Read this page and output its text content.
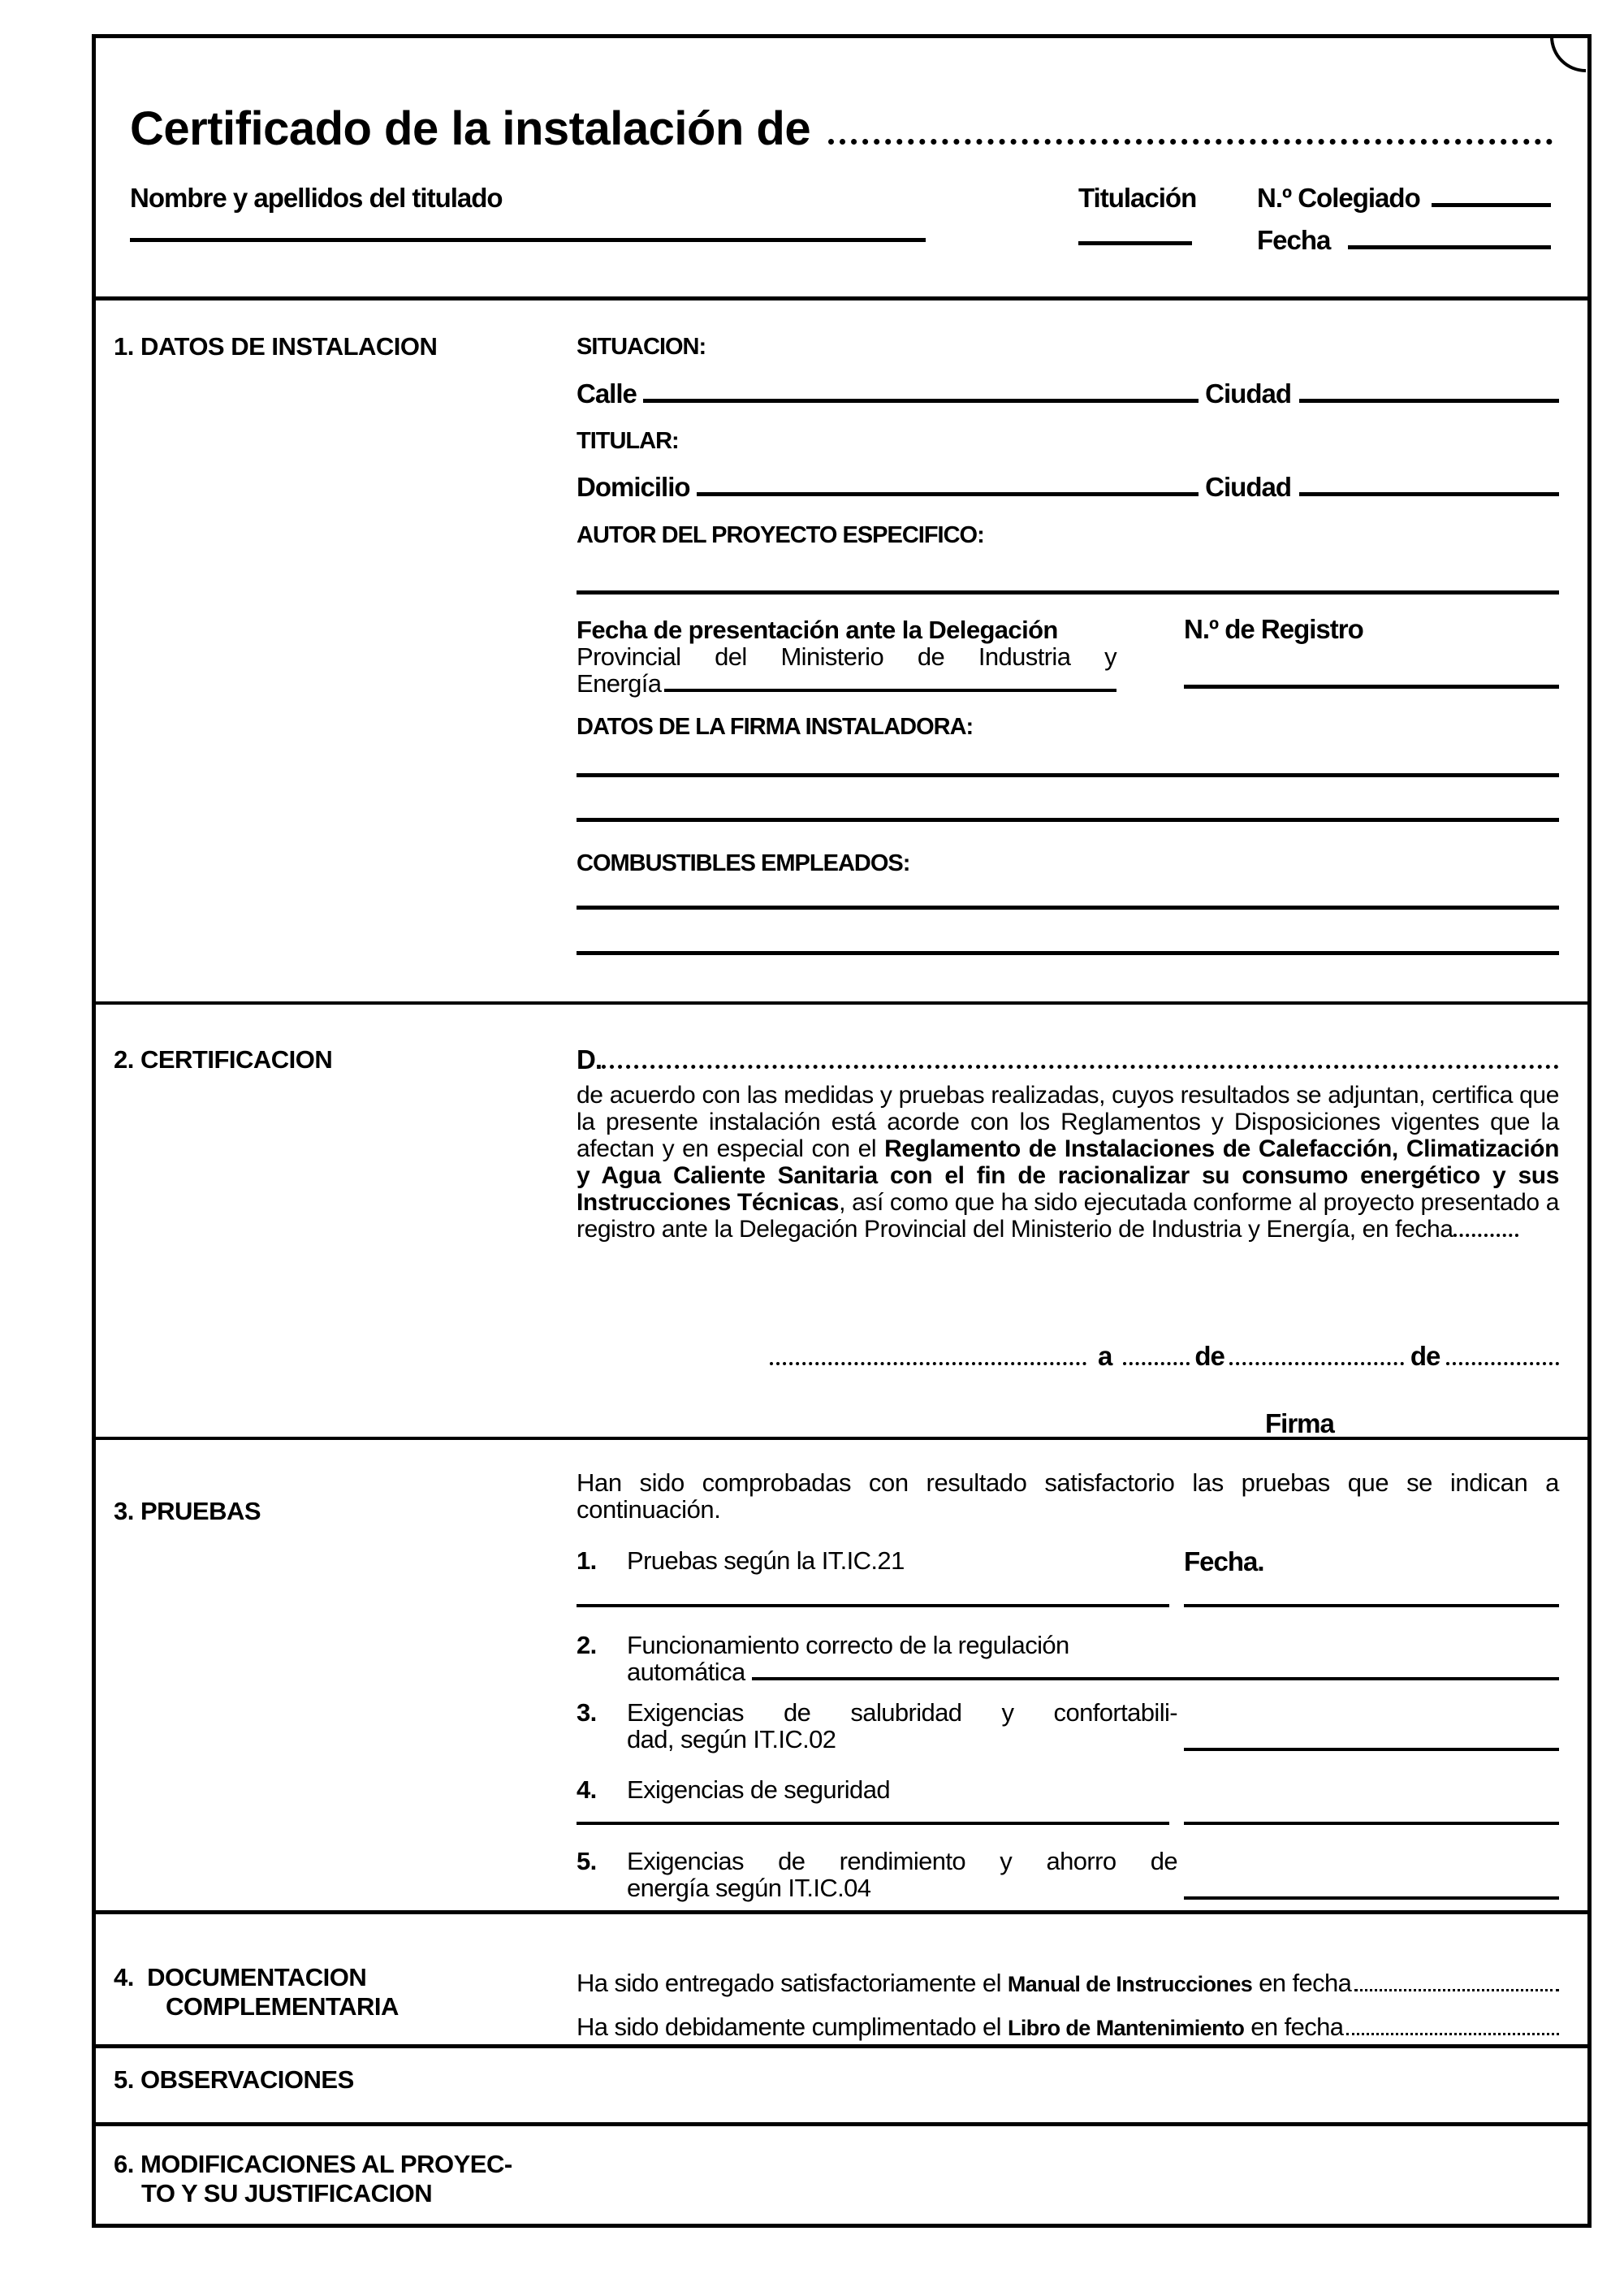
Certificado de la instalación de
Nombre y apellidos del titulado	Titulación N.º Colegiado
Fecha
1. DATOS DE INSTALACION	SITUACION:
Calle	Ciudad
TITULAR:
Domicilio	Ciudad
AUTOR DEL PROYECTO ESPECIFICO:
Fecha de presentación ante la Delegación
Provincial del Ministerio de Industria y
Energía
N.º de Registro
DATOS DE LA FIRMA INSTALADORA:
COMBUSTIBLES EMPLEADOS:
2. CERTIFICACION	D.
de acuerdo con las medidas y pruebas realizadas, cuyos resultados se adjuntan, certifica que la presente instalación está acorde con los Reglamentos y Disposiciones vigentes que la afectan y en especial con el Reglamento de Instalaciones de Calefacción, Climatización y Agua Caliente Sanitaria con el fin de racionalizar su consumo energético y sus Instrucciones Técnicas, así como que ha sido ejecutada conforme al proyecto presentado a registro ante la Delegación Provincial del Ministerio de Industria y Energía, en fecha
a	de	de
Firma
3. PRUEBAS
Han sido comprobadas con resultado satisfactorio las pruebas que se indican a continuación.
1.	Pruebas según la IT.IC.21	Fecha.
2. Funcionamiento correcto de la regulación
automática
3. Exigencias de salubridad y confortabili-
dad, según IT.IC.02
4.	Exigencias de seguridad
5. Exigencias de rendimiento y ahorro de
energía según IT.IC.04
4.  DOCUMENTACION
COMPLEMENTARIA
Ha sido entregado satisfactoriamente el Manual de Instrucciones en fecha
Ha sido debidamente cumplimentado el Libro de Mantenimiento en fecha
5. OBSERVACIONES
6. MODIFICACIONES AL PROYEC-
TO Y SU JUSTIFICACION
